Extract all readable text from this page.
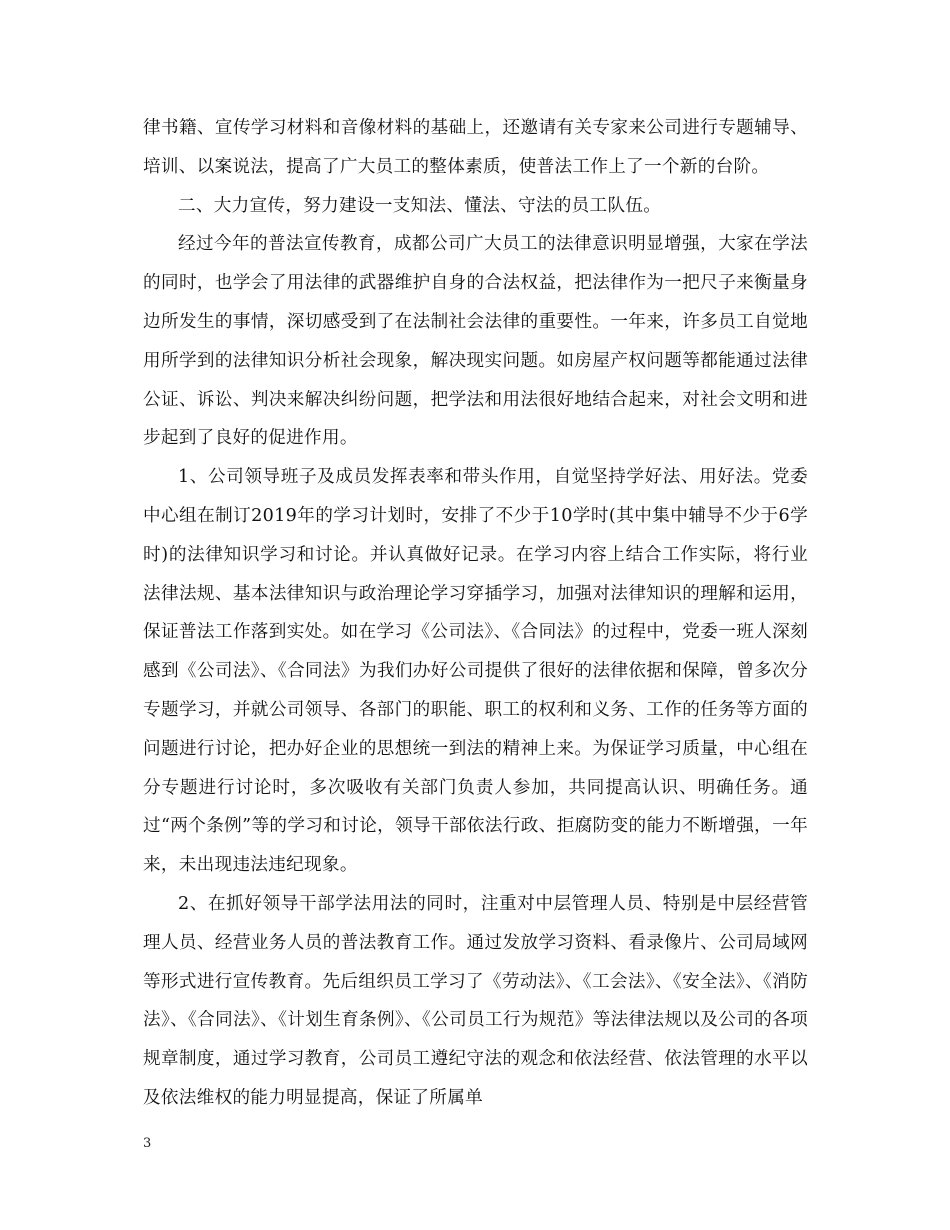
律书籍、宣传学习材料和音像材料的基础上，还邀请有关专家来公司进行专题辅导、培训、以案说法，提高了广大员工的整体素质，使普法工作上了一个新的台阶。

二、大力宣传，努力建设一支知法、懂法、守法的员工队伍。

经过今年的普法宣传教育，成都公司广大员工的法律意识明显增强，大家在学法的同时，也学会了用法律的武器维护自身的合法权益，把法律作为一把尺子来衡量身边所发生的事情，深切感受到了在法制社会法律的重要性。一年来，许多员工自觉地用所学到的法律知识分析社会现象，解决现实问题。如房屋产权问题等都能通过法律公证、诉讼、判决来解决纠纷问题，把学法和用法很好地结合起来，对社会文明和进步起到了良好的促进作用。

1、公司领导班子及成员发挥表率和带头作用，自觉坚持学好法、用好法。党委中心组在制订2019年的学习计划时，安排了不少于10学时(其中集中辅导不少于6学时)的法律知识学习和讨论。并认真做好记录。在学习内容上结合工作实际，将行业法律法规、基本法律知识与政治理论学习穿插学习，加强对法律知识的理解和运用，保证普法工作落到实处。如在学习《公司法》、《合同法》的过程中，党委一班人深刻感到《公司法》、《合同法》为我们办好公司提供了很好的法律依据和保障，曾多次分专题学习，并就公司领导、各部门的职能、职工的权利和义务、工作的任务等方面的问题进行讨论，把办好企业的思想统一到法的精神上来。为保证学习质量，中心组在分专题进行讨论时，多次吸收有关部门负责人参加，共同提高认识、明确任务。通过“两个条例”等的学习和讨论，领导干部依法行政、拒腐防变的能力不断增强，一年来，未出现违法违纪现象。

2、在抓好领导干部学法用法的同时，注重对中层管理人员、特别是中层经营管理人员、经营业务人员的普法教育工作。通过发放学习资料、看录像片、公司局域网等形式进行宣传教育。先后组织员工学习了《劳动法》、《工会法》、《安全法》、《消防法》、《合同法》、《计划生育条例》、《公司员工行为规范》等法律法规以及公司的各项规章制度，通过学习教育，公司员工遵纪守法的观念和依法经营、依法管理的水平以及依法维权的能力明显提高，保证了所属单

3
